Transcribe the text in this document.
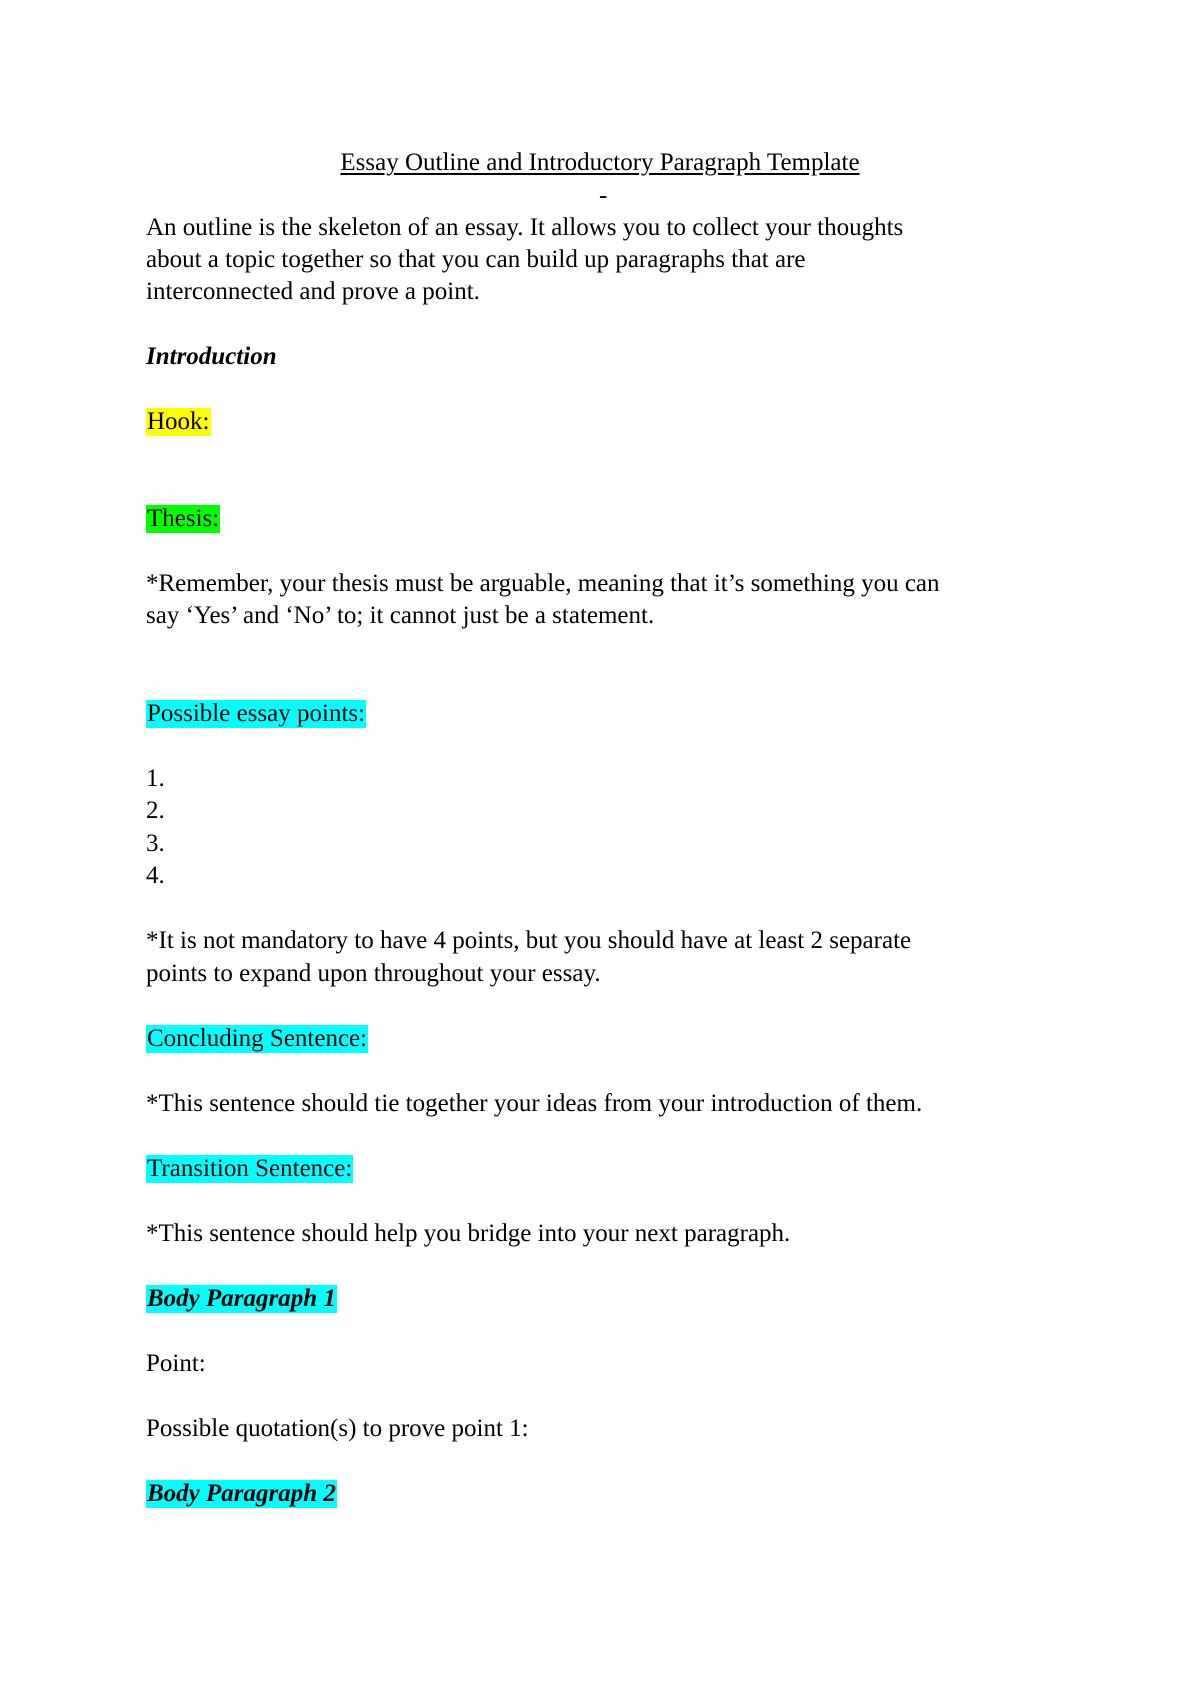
Essay Outline and Introductory Paragraph Template

-

An outline is the skeleton of an essay. It allows you to collect your thoughts

about a topic together so that you can build up paragraphs that are

interconnected and prove a point.

Introduction

Hook:

Thesis:

*Remember, your thesis must be arguable, meaning that it’s something you can

say ‘Yes’ and ‘No’ to; it cannot just be a statement.

Possible essay points:

1.

2.

3.

4.

*It is not mandatory to have 4 points, but you should have at least 2 separate

points to expand upon throughout your essay.

Concluding Sentence:

*This sentence should tie together your ideas from your introduction of them.

Transition Sentence:

*This sentence should help you bridge into your next paragraph.

Body Paragraph 1

Point:

Possible quotation(s) to prove point 1:

Body Paragraph 2
